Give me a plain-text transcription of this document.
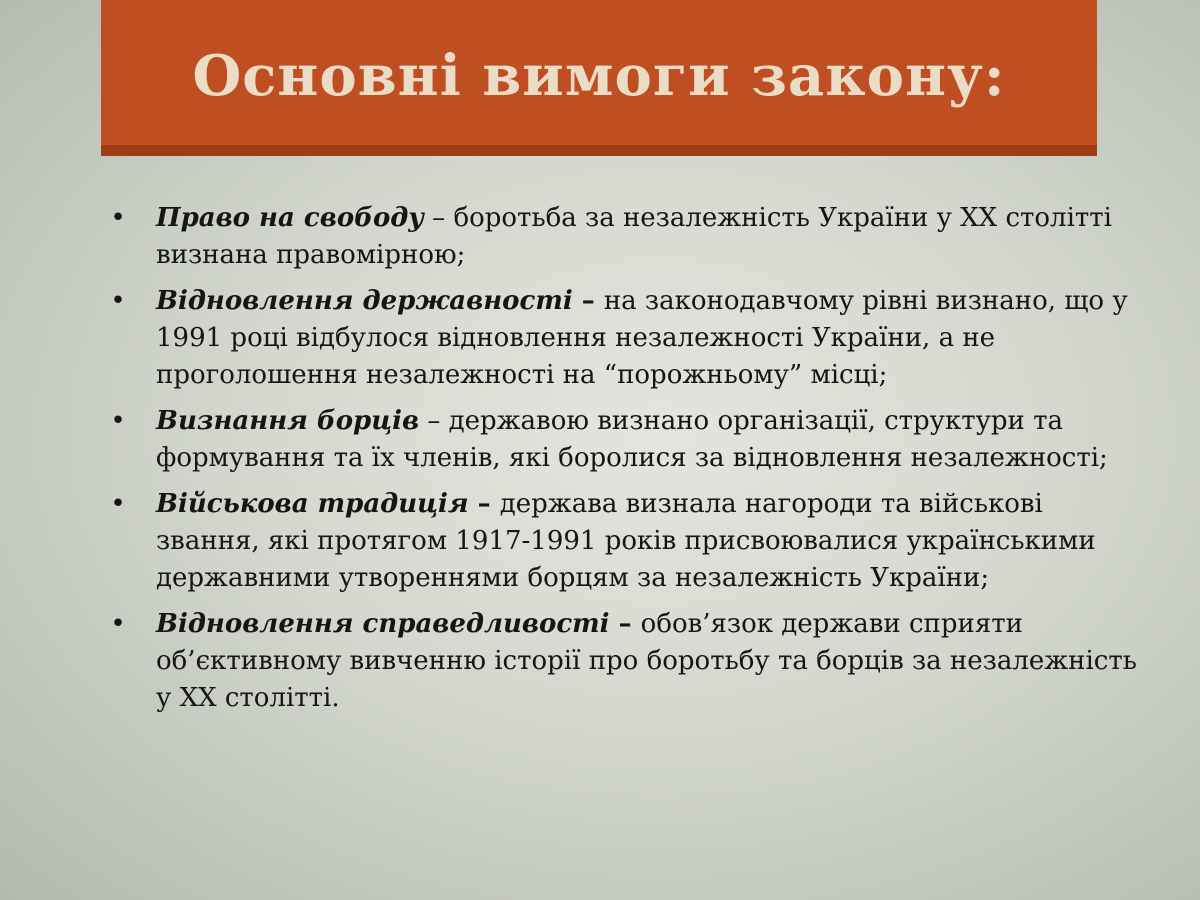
Основні вимоги закону:
• Право на свободу – боротьба за незалежність України у ХХ столітті визнана правомірною;
• Відновлення державності – на законодавчому рівні визнано, що у 1991 році відбулося відновлення незалежності України, а не проголошення незалежності на “порожньому” місці;
• Визнання борців – державою визнано організації, структури та формування та їх членів, які боролися за відновлення незалежності;
• Військова традиція – держава визнала нагороди та військові звання, які протягом 1917-1991 років присвоювалися українськими державними утвореннями борцям за незалежність України;
• Відновлення справедливості – обов’язок держави сприяти об’єктивному вивченню історії про боротьбу та борців за незалежність у ХХ столітті.
